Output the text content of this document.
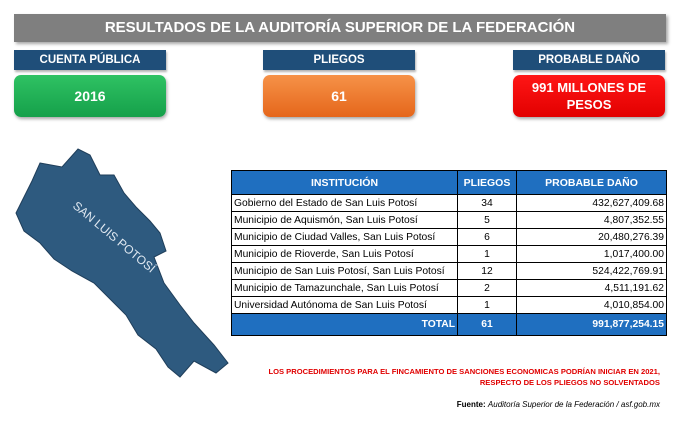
RESULTADOS DE LA AUDITORÍA SUPERIOR DE LA FEDERACIÓN
CUENTA PÚBLICA
2016
PLIEGOS
61
PROBABLE DAÑO
991 MILLONES DE PESOS
SAN LUIS POTOSÍ
INSTITUCIÓN	PLIEGOS	PROBABLE DAÑO
Gobierno del Estado de San Luis Potosí	34	432,627,409.68
Municipio de Aquismón, San Luis Potosí	5	4,807,352.55
Municipio de Ciudad Valles, San Luis Potosí	6	20,480,276.39
Municipio de Rioverde, San Luis Potosí	1	1,017,400.00
Municipio de San Luis Potosí, San Luis Potosí	12	524,422,769.91
Municipio de Tamazunchale, San Luis Potosí	2	4,511,191.62
Universidad Autónoma de San Luis Potosí	1	4,010,854.00
TOTAL	61	991,877,254.15
LOS PROCEDIMIENTOS PARA EL FINCAMIENTO DE SANCIONES ECONOMICAS PODRÍAN INICIAR EN 2021,
RESPECTO DE LOS PLIEGOS NO SOLVENTADOS
Fuente: Auditoría Superior de la Federación / asf.gob.mx
